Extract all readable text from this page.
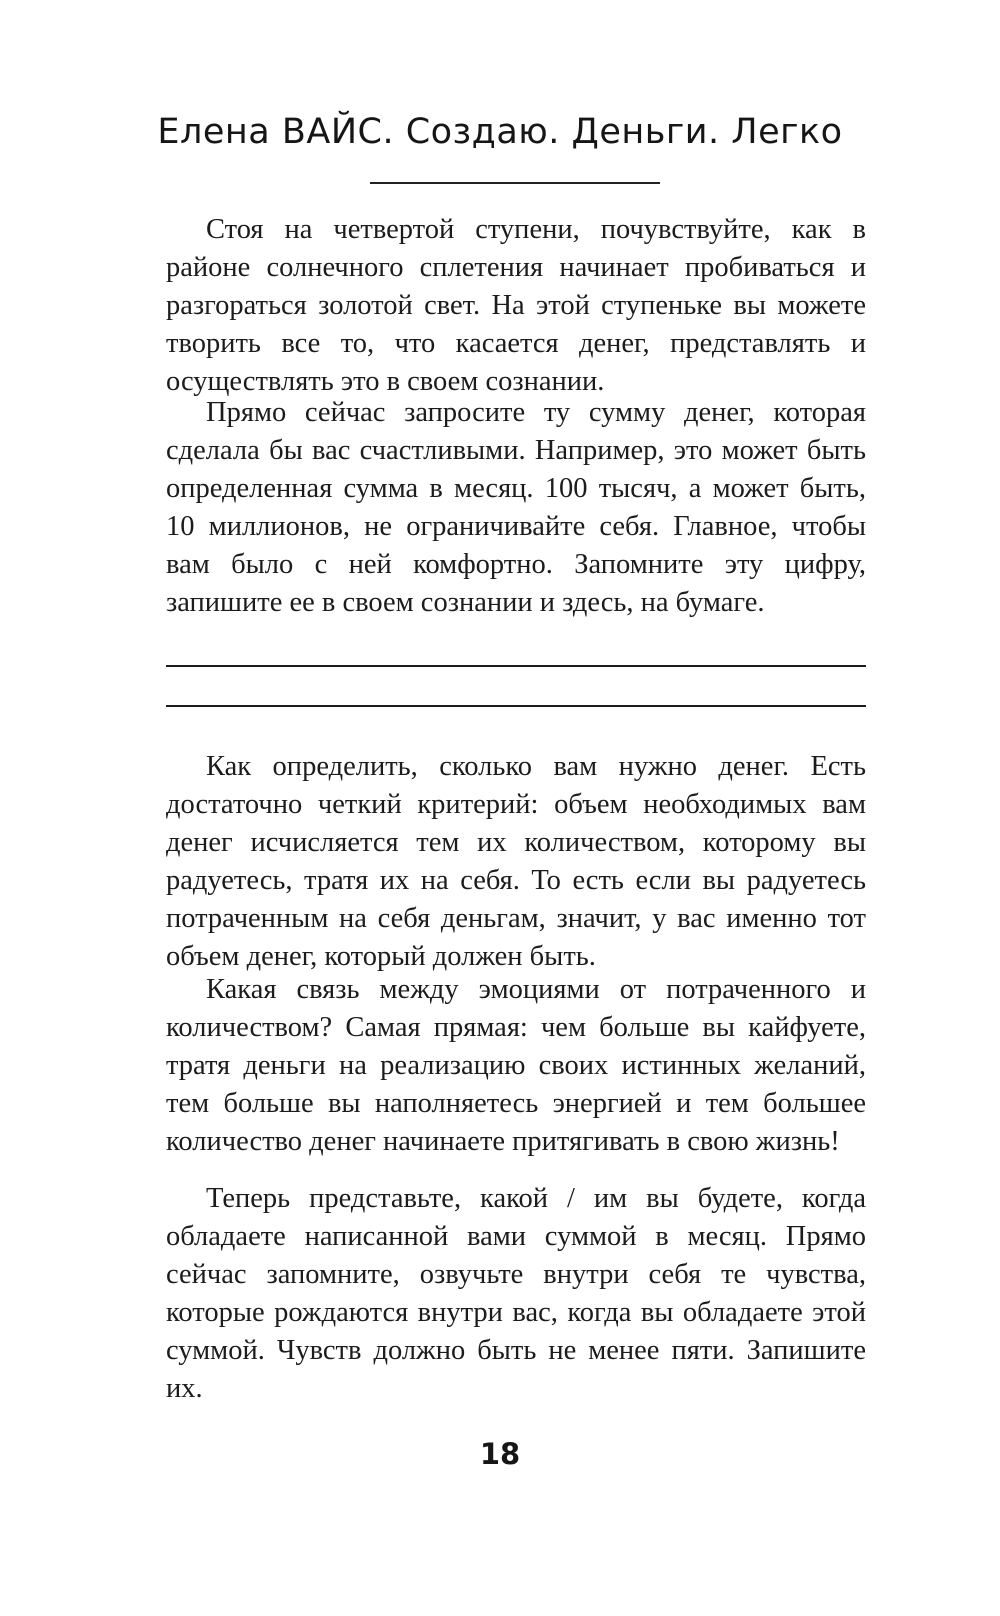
Елена ВАЙС. Создаю. Деньги. Легко

Стоя на четвертой ступени, почувствуйте, как в районе солнечного сплетения начинает пробиваться и разгораться золотой свет. На этой ступеньке вы можете творить все то, что касается денег, представлять и осуществлять это в своем сознании.

Прямо сейчас запросите ту сумму денег, которая сделала бы вас счастливыми. Например, это может быть определенная сумма в месяц. 100 тысяч, а может быть, 10 миллионов, не ограничивайте себя. Главное, чтобы вам было с ней комфортно. Запомните эту цифру, запишите ее в своем сознании и здесь, на бумаге.

Как определить, сколько вам нужно денег. Есть достаточно четкий критерий: объем необходимых вам денег исчисляется тем их количеством, которому вы радуетесь, тратя их на себя. То есть если вы радуетесь потраченным на себя деньгам, значит, у вас именно тот объем денег, который должен быть.

Какая связь между эмоциями от потраченного и количеством? Самая прямая: чем больше вы кайфуете, тратя деньги на реализацию своих истинных желаний, тем больше вы наполняетесь энергией и тем большее количество денег начинаете притягивать в свою жизнь!

Теперь представьте, какой / им вы будете, когда обладаете написанной вами суммой в месяц. Прямо сейчас запомните, озвучьте внутри себя те чувства, которые рождаются внутри вас, когда вы обладаете этой суммой. Чувств должно быть не менее пяти. Запишите их.

18
